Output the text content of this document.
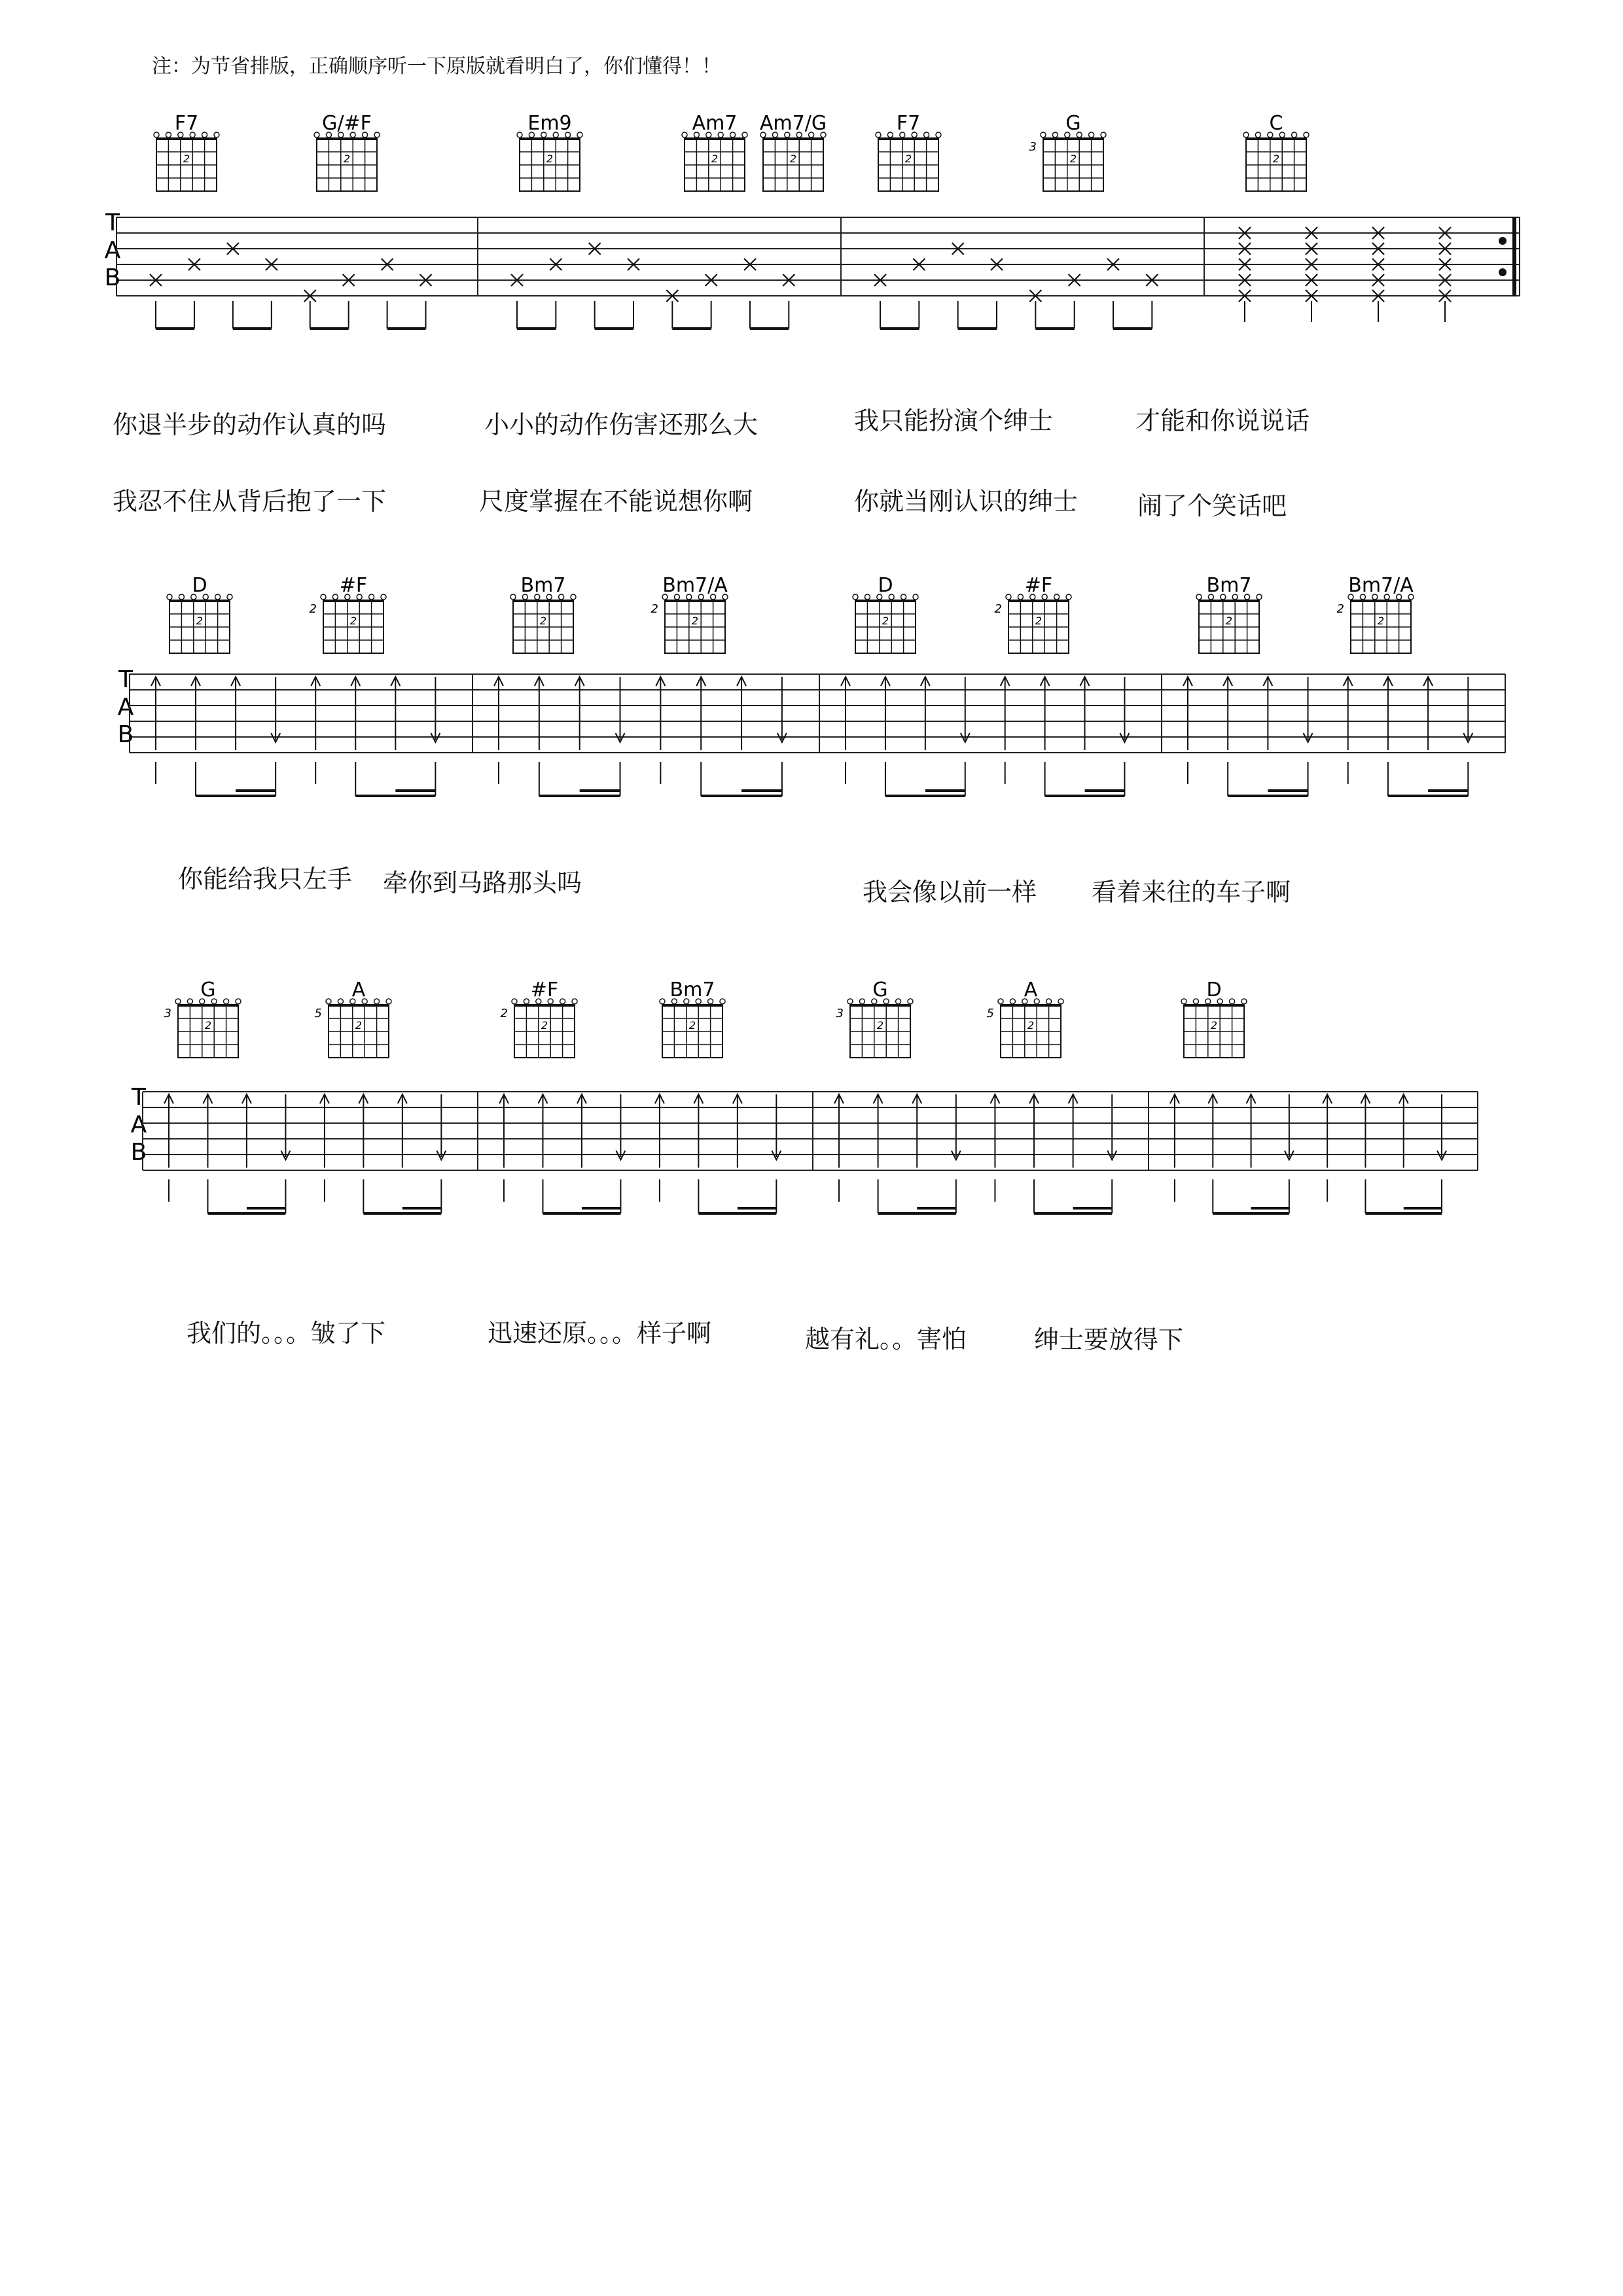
注：为节省排版，正确顺序听一下原版就看明白了，你们懂得！！
T
A
B
F7
2
G/#F
2
Em9
2
Am7
2
Am7/G
2
F7
2
G
2
3
C
2
T
A
B
D
2
#F
2
2
Bm7
2
Bm7/A
2
2
D
2
#F
2
2
Bm7
2
Bm7/A
2
2
T
A
B
G
2
3
A
2
5
#F
2
2
Bm7
2
G
2
3
A
2
5
D
2
你退半步的动作认真的吗	小小的动作伤害还那么大	我只能扮演个绅士	才能和你说说话
我忍不住从背后抱了一下	尺度掌握在不能说想你啊	你就当刚认识的绅士 闹了个笑话吧
你能给我只左手 牵你到马路那头吗	我会像以前一样 看着来往的车子啊
我们的。。。皱了下	迅速还原。。。样子啊	越有礼。。害怕	绅士要放得下
